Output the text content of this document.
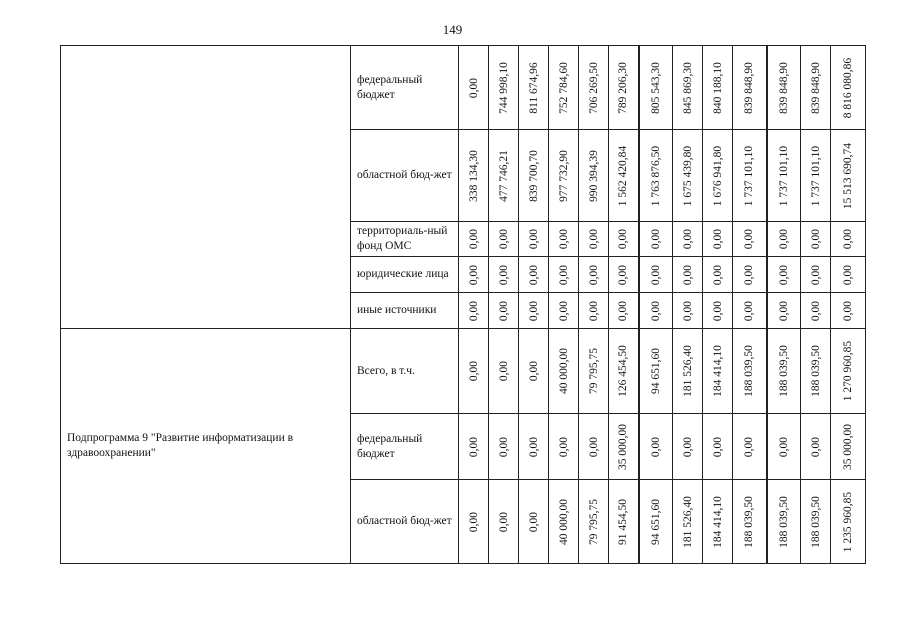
149
	федеральный бюджет	0,00	744 998,10	811 674,96	752 784,60	706 269,50	789 206,30	805 543,30	845 869,30	840 188,10	839 848,90	839 848,90	839 848,90	8 816 080,86

	областной бюд-жет	338 134,30	477 746,21	839 700,70	977 732,90	990 394,39	1 562 420,84	1 763 876,50	1 675 439,80	1 676 941,80	1 737 101,10	1 737 101,10	1 737 101,10	15 513 690,74

	территориаль-ный фонд ОМС	0,00	0,00	0,00	0,00	0,00	0,00	0,00	0,00	0,00	0,00	0,00	0,00	0,00

	юридические лица	0,00	0,00	0,00	0,00	0,00	0,00	0,00	0,00	0,00	0,00	0,00	0,00	0,00

	иные источники	0,00	0,00	0,00	0,00	0,00	0,00	0,00	0,00	0,00	0,00	0,00	0,00	0,00

Подпрограмма 9 "Развитие информатизации в здравоохранении"	Всего, в т.ч.	0,00	0,00	0,00	40 000,00	79 795,75	126 454,50	94 651,60	181 526,40	184 414,10	188 039,50	188 039,50	188 039,50	1 270 960,85

	федеральный бюджет	0,00	0,00	0,00	0,00	0,00	35 000,00	0,00	0,00	0,00	0,00	0,00	0,00	35 000,00

	областной бюд-жет	0,00	0,00	0,00	40 000,00	79 795,75	91 454,50	94 651,60	181 526,40	184 414,10	188 039,50	188 039,50	188 039,50	1 235 960,85
